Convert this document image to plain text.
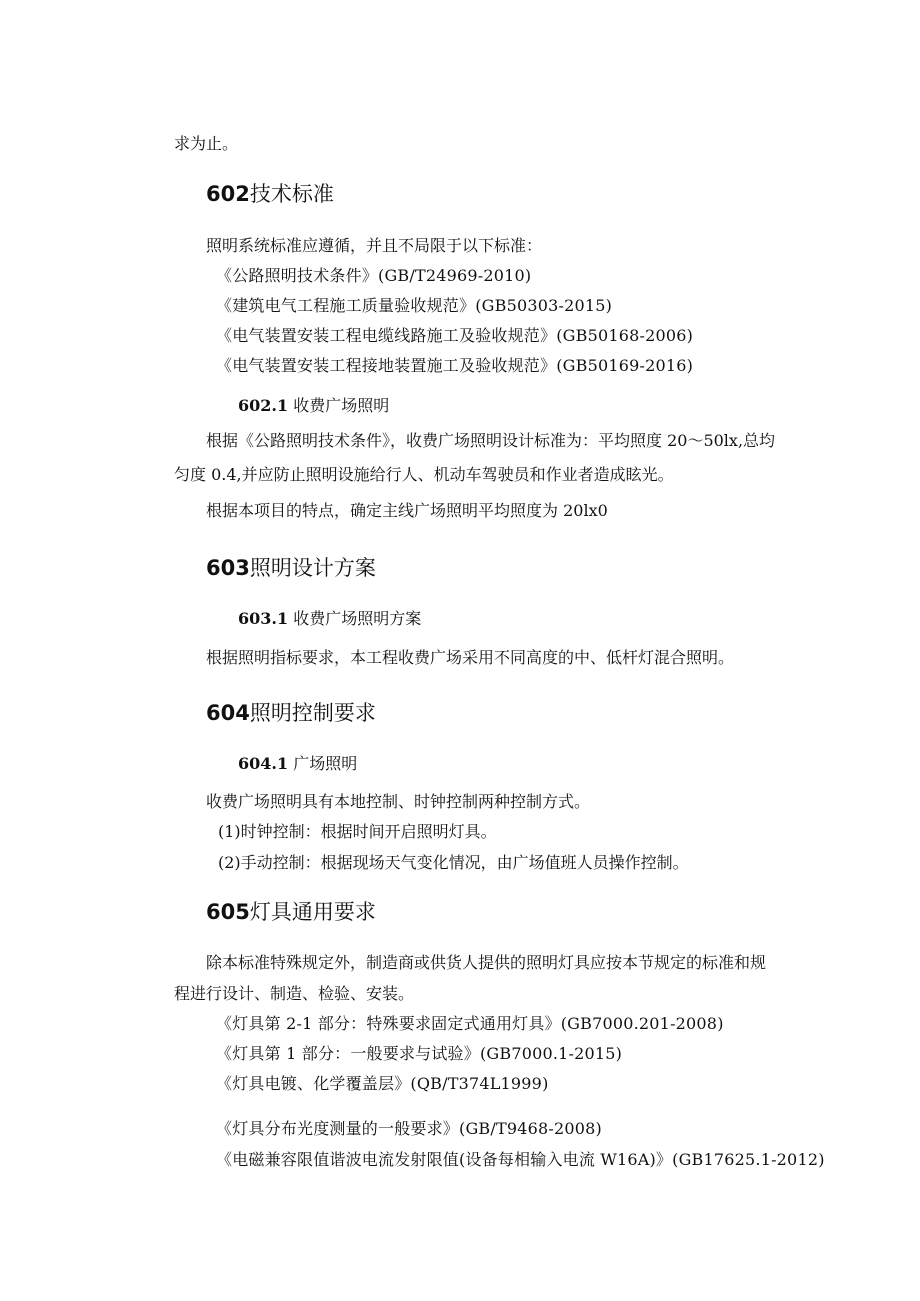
求为止。
602技术标准
照明系统标准应遵循，并且不局限于以下标准：
《公路照明技术条件》(GB/T24969-2010)
《建筑电气工程施工质量验收规范》(GB50303-2015)
《电气装置安装工程电缆线路施工及验收规范》(GB50168-2006)
《电气装置安装工程接地装置施工及验收规范》(GB50169-2016)
602.1 收费广场照明
根据《公路照明技术条件》，收费广场照明设计标准为：平均照度 20～50lx,总均
匀度 0.4,并应防止照明设施给行人、机动车驾驶员和作业者造成眩光。
根据本项目的特点，确定主线广场照明平均照度为 20lx0
603照明设计方案
603.1 收费广场照明方案
根据照明指标要求，本工程收费广场采用不同高度的中、低杆灯混合照明。
604照明控制要求
604.1 广场照明
收费广场照明具有本地控制、时钟控制两种控制方式。
(1)时钟控制：根据时间开启照明灯具。
(2)手动控制：根据现场天气变化情况，由广场值班人员操作控制。
605灯具通用要求
除本标准特殊规定外，制造商或供货人提供的照明灯具应按本节规定的标准和规
程进行设计、制造、检验、安装。
《灯具第 2-1 部分：特殊要求固定式通用灯具》(GB7000.201-2008)
《灯具第 1 部分：一般要求与试验》(GB7000.1-2015)
《灯具电镀、化学覆盖层》(QB/T374L1999)
《灯具分布光度测量的一般要求》(GB/T9468-2008)
《电磁兼容限值谐波电流发射限值(设备每相输入电流 W16A)》(GB17625.1-2012)
